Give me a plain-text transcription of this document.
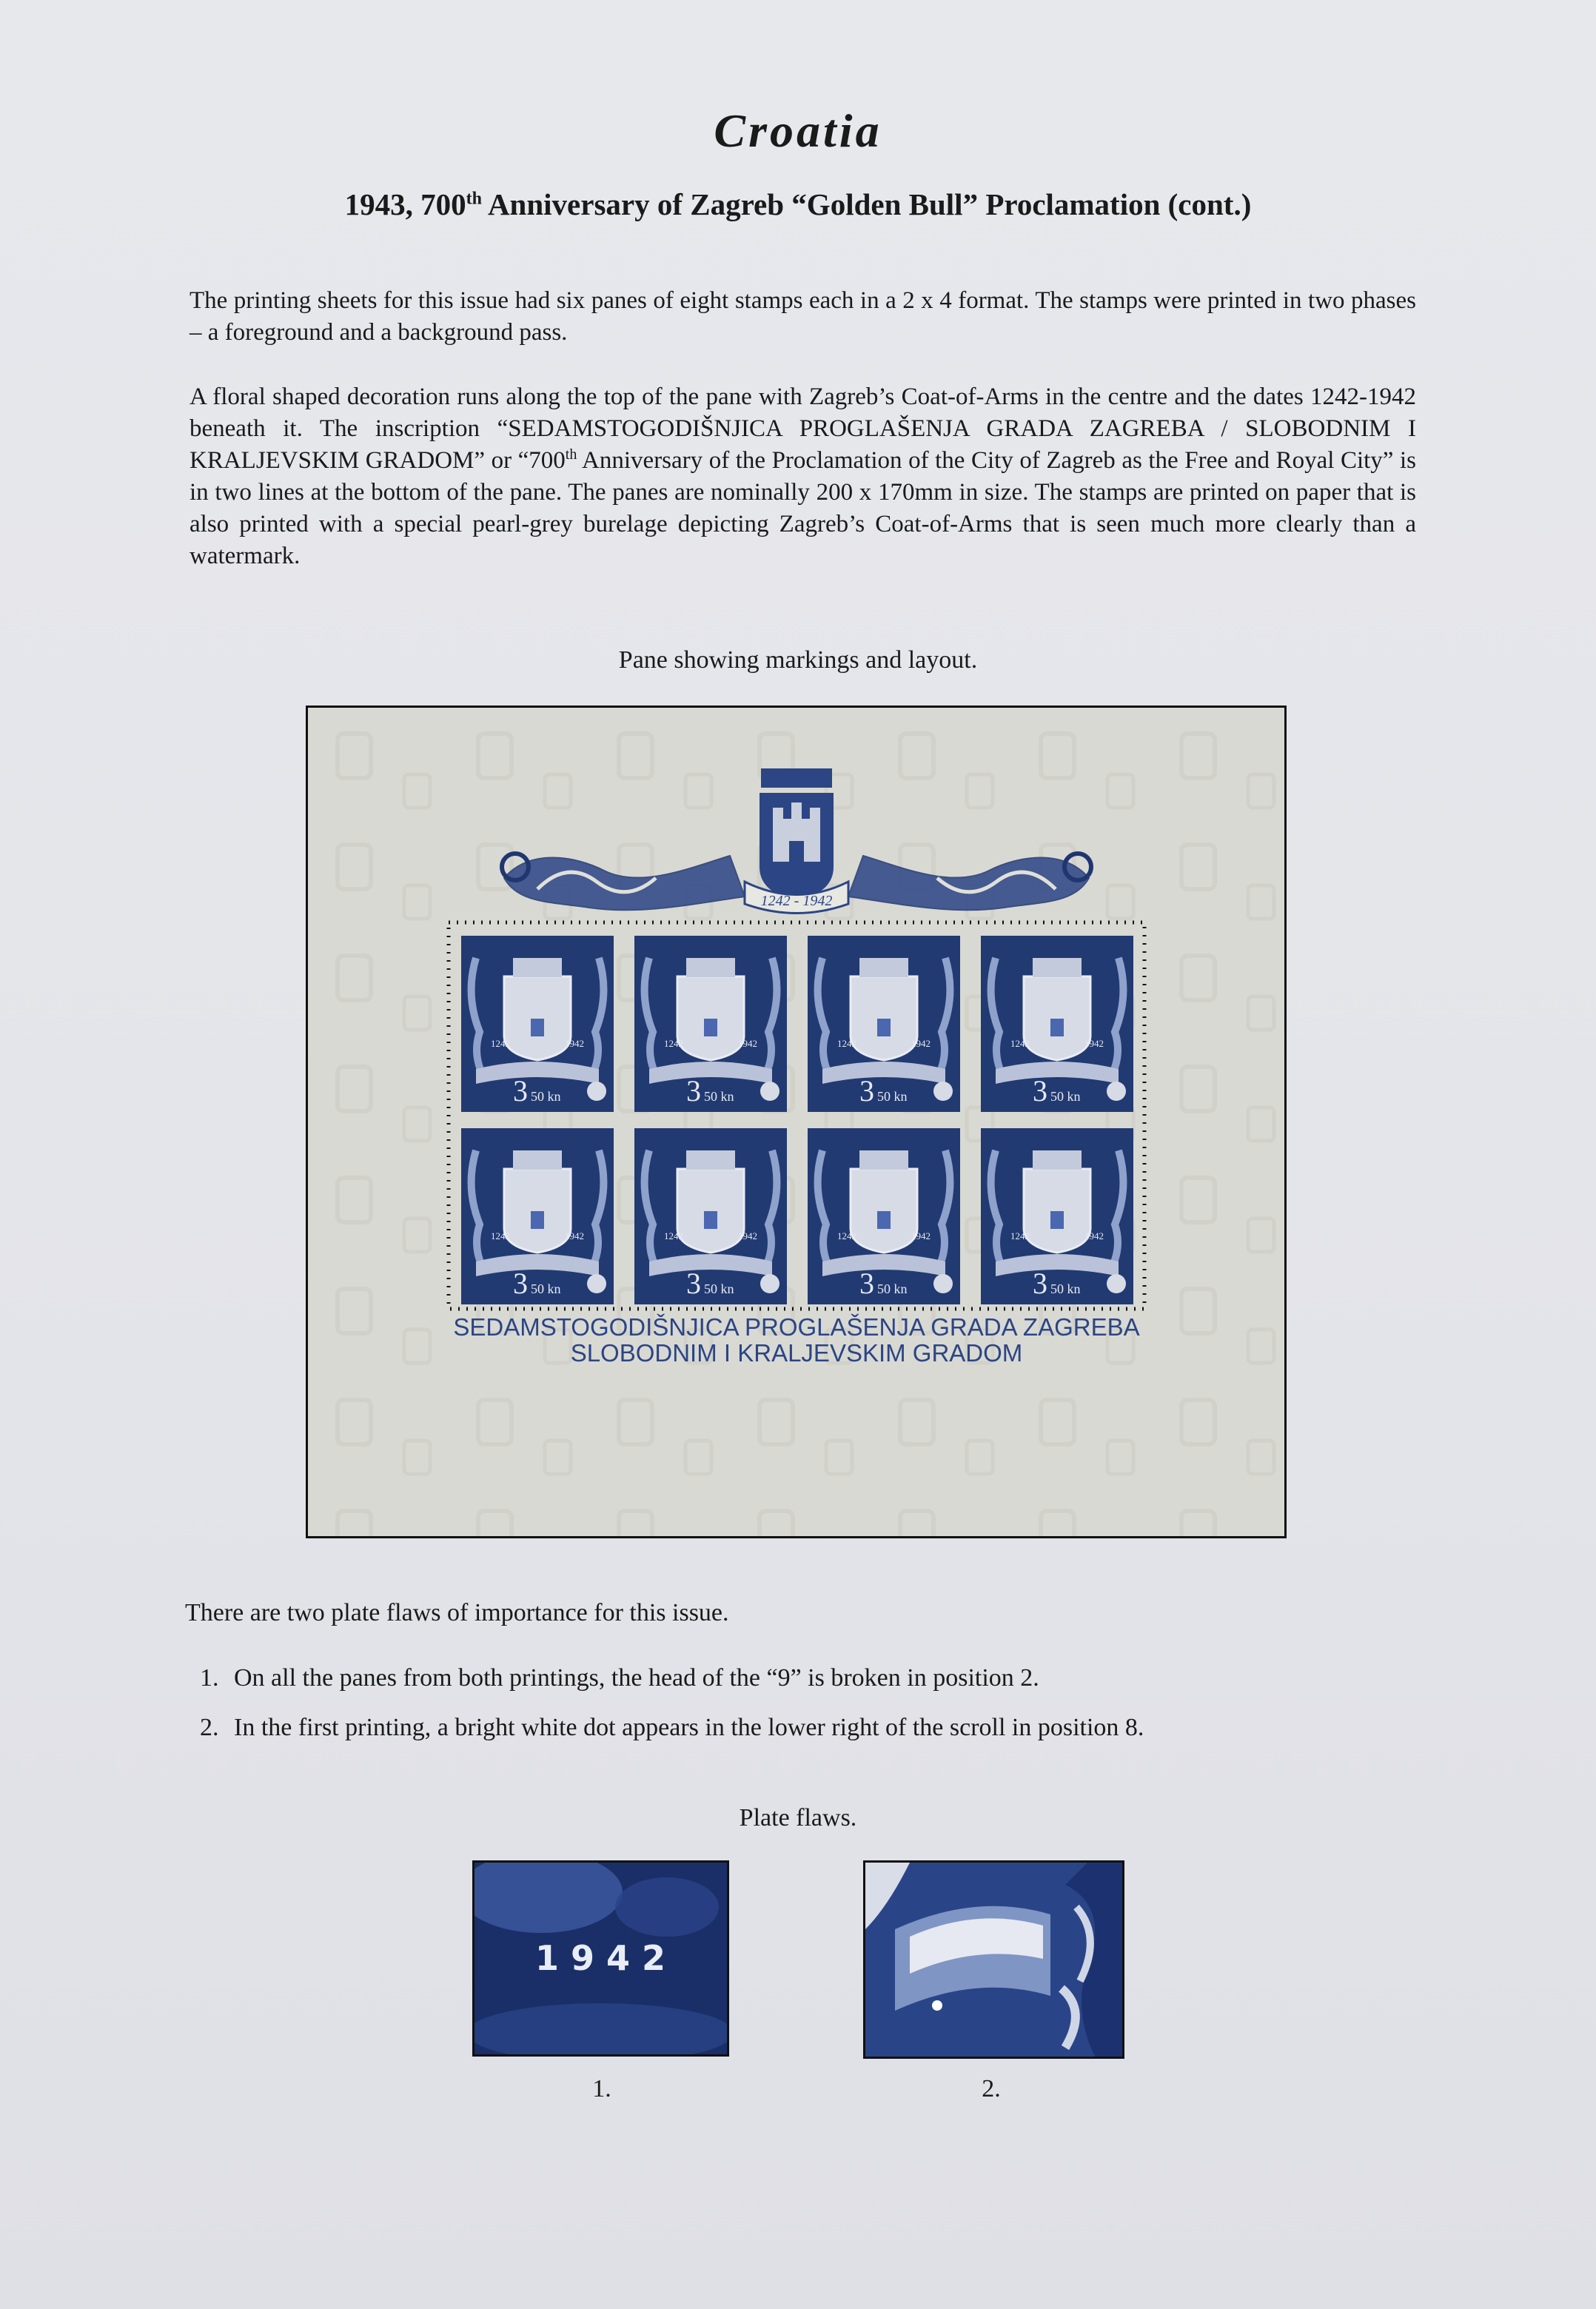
Croatia
1943, 700th Anniversary of Zagreb “Golden Bull” Proclamation (cont.)
The printing sheets for this issue had six panes of eight stamps each in a 2 x 4 format. The stamps were printed in two phases – a foreground and a background pass.
A floral shaped decoration runs along the top of the pane with Zagreb’s Coat-of-Arms in the centre and the dates 1242-1942 beneath it. The inscription “SEDAMSTOGODIŠNJICA PROGLAŠENJA GRADA ZAGREBA / SLOBODNIM I KRALJEVSKIM GRADOM” or “700th Anniversary of the Proclamation of the City of Zagreb as the Free and Royal City” is in two lines at the bottom of the pane. The panes are nominally 200 x 170mm in size. The stamps are printed on paper that is also printed with a special pearl-grey burelage depicting Zagreb’s Coat-of-Arms that is seen much more clearly than a watermark.
Pane showing markings and layout.
1242 - 1942
1242	1942
3 50 kn
1242	1942
3 50 kn
1242	1942
3 50 kn
1242	1942
3 50 kn
1242	1942
3 50 kn
1242	1942
3 50 kn
1242	1942
3 50 kn
1242	1942
3 50 kn
SEDAMSTOGODIŠNJICA PROGLAŠENJA GRADA ZAGREBA
SLOBODNIM I KRALJEVSKIM GRADOM
There are two plate flaws of importance for this issue.
1. On all the panes from both printings, the head of the “9” is broken in position 2.
2. In the first printing, a bright white dot appears in the lower right of the scroll in position 8.
Plate flaws.
1 9 4 2
1.	2.
